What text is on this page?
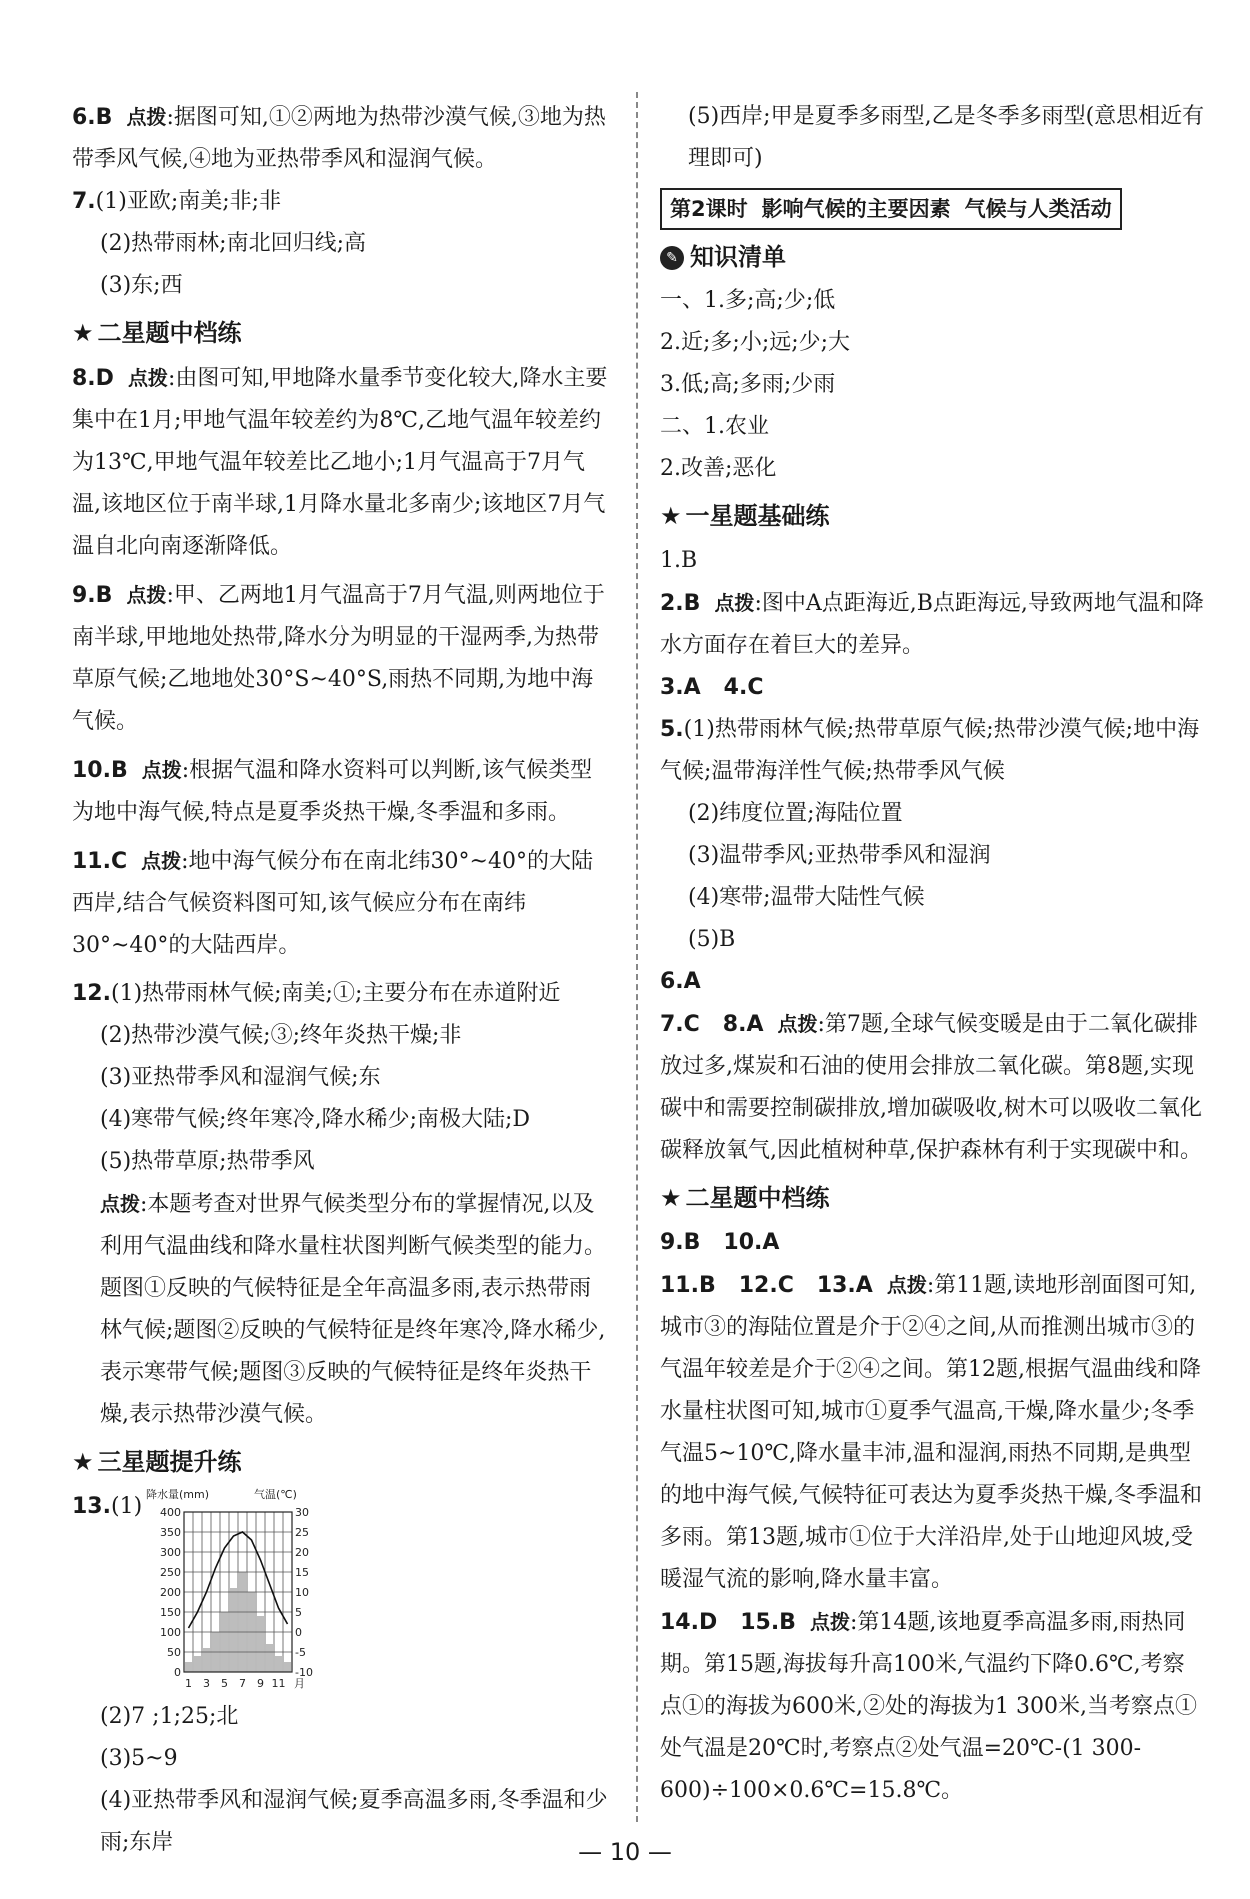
6.B 点拨:据图可知,①②两地为热带沙漠气候,③地为热带季风气候,④地为亚热带季风和湿润气候。

7.(1)亚欧;南美;非;非

(2)热带雨林;南北回归线;高

(3)东;西

★ 二星题中档练

8.D 点拨:由图可知,甲地降水量季节变化较大,降水主要集中在1月;甲地气温年较差约为8℃,乙地气温年较差约为13℃,甲地气温年较差比乙地小;1月气温高于7月气温,该地区位于南半球,1月降水量北多南少;该地区7月气温自北向南逐渐降低。

9.B 点拨:甲、乙两地1月气温高于7月气温,则两地位于南半球,甲地地处热带,降水分为明显的干湿两季,为热带草原气候;乙地地处30°S~40°S,雨热不同期,为地中海气候。

10.B 点拨:根据气温和降水资料可以判断,该气候类型为地中海气候,特点是夏季炎热干燥,冬季温和多雨。

11.C 点拨:地中海气候分布在南北纬30°~40°的大陆西岸,结合气候资料图可知,该气候应分布在南纬30°~40°的大陆西岸。

12.(1)热带雨林气候;南美;①;主要分布在赤道附近

(2)热带沙漠气候;③;终年炎热干燥;非

(3)亚热带季风和湿润气候;东

(4)寒带气候;终年寒冷,降水稀少;南极大陆;D

(5)热带草原;热带季风

点拨:本题考查对世界气候类型分布的掌握情况,以及利用气温曲线和降水量柱状图判断气候类型的能力。题图①反映的气候特征是全年高温多雨,表示热带雨林气候;题图②反映的气候特征是终年寒冷,降水稀少,表示寒带气候;题图③反映的气候特征是终年炎热干燥,表示热带沙漠气候。

★ 三星题提升练
13. (1) 降水量(mm)	气温(℃)
0
50
100
150
200
250
300
350
400
-10
-5
0
5
10
15
20
25
30
1 3 5 7 9 11 月

(2)7 ;1;25;北

(3)5~9

(4)亚热带季风和湿润气候;夏季高温多雨,冬季温和少雨;东岸

(5)西岸;甲是夏季多雨型,乙是冬季多雨型(意思相近有理即可)

第2课时 影响气候的主要因素 气候与人类活动
✎ 知识清单

一、1.多;高;少;低

2.近;多;小;远;少;大

3.低;高;多雨;少雨

二、1.农业

2.改善;恶化

★ 一星题基础练

1.B

2.B 点拨:图中A点距海近,B点距海远,导致两地气温和降水方面存在着巨大的差异。

3.A   4.C

5.(1)热带雨林气候;热带草原气候;热带沙漠气候;地中海气候;温带海洋性气候;热带季风气候

(2)纬度位置;海陆位置

(3)温带季风;亚热带季风和湿润

(4)寒带;温带大陆性气候

(5)B

6.A

7.C   8.A 点拨:第7题,全球气候变暖是由于二氧化碳排放过多,煤炭和石油的使用会排放二氧化碳。第8题,实现碳中和需要控制碳排放,增加碳吸收,树木可以吸收二氧化碳释放氧气,因此植树种草,保护森林有利于实现碳中和。

★ 二星题中档练

9.B   10.A

11.B   12.C   13.A 点拨:第11题,读地形剖面图可知,城市③的海陆位置是介于②④之间,从而推测出城市③的气温年较差是介于②④之间。第12题,根据气温曲线和降水量柱状图可知,城市①夏季气温高,干燥,降水量少;冬季气温5~10℃,降水量丰沛,温和湿润,雨热不同期,是典型的地中海气候,气候特征可表达为夏季炎热干燥,冬季温和多雨。第13题,城市①位于大洋沿岸,处于山地迎风坡,受暖湿气流的影响,降水量丰富。

14.D   15.B 点拨:第14题,该地夏季高温多雨,雨热同期。第15题,海拔每升高100米,气温约下降0.6℃,考察点①的海拔为600米,②处的海拔为1 300米,当考察点①处气温是20℃时,考察点②处气温=20℃-(1 300-600)÷100×0.6℃=15.8℃。

— 10 —
